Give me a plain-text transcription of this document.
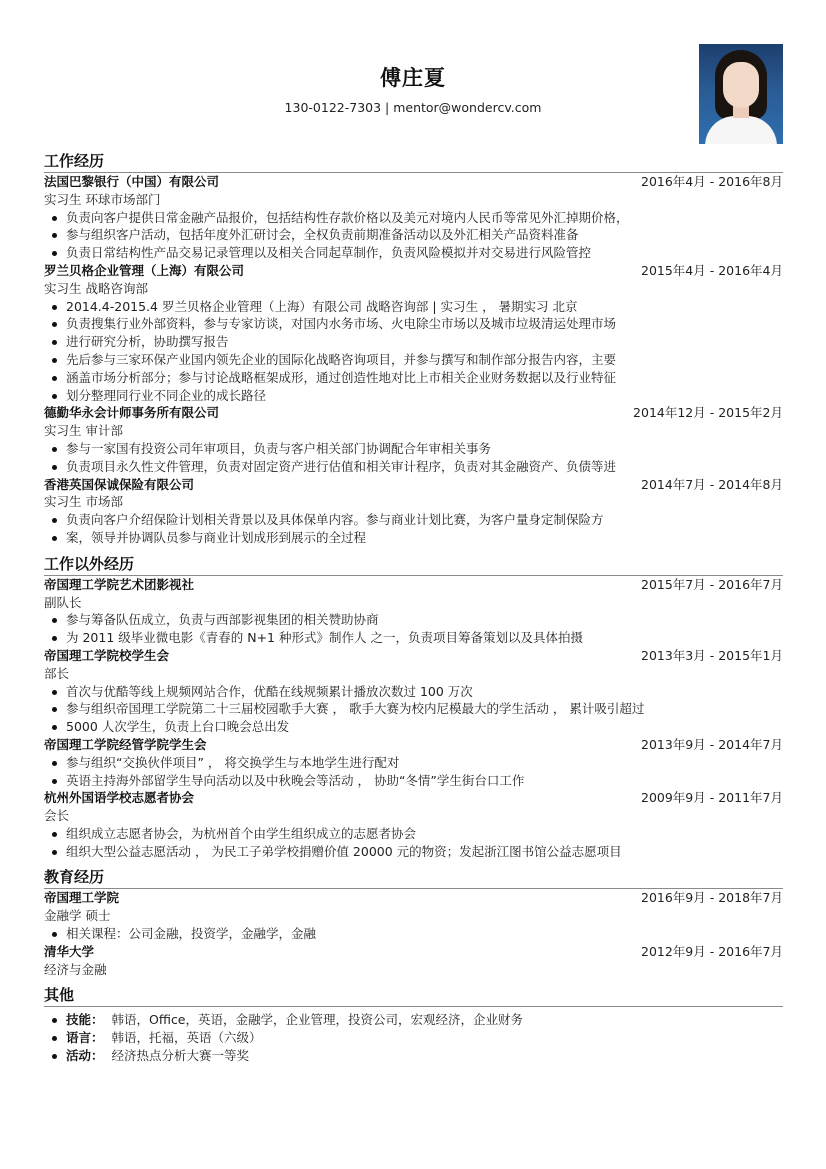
傅庄夏
130-0122-7303 | mentor@wondercv.com
工作经历
法国巴黎银行（中国）有限公司	2016年4月 - 2016年8月
实习生 环球市场部门
负责向客户提供日常金融产品报价，包括结构性存款价格以及美元对境内人民币等常见外汇掉期价格，
参与组织客户活动，包括年度外汇研讨会，全权负责前期准备活动以及外汇相关产品资料准备
负责日常结构性产品交易记录管理以及相关合同起草制作，负责风险模拟并对交易进行风险管控
罗兰贝格企业管理（上海）有限公司	2015年4月 - 2016年4月
实习生 战略咨询部
2014.4-2015.4 罗兰贝格企业管理（上海）有限公司 战略咨询部 | 实习生 ， 暑期实习 北京
负责搜集行业外部资料，参与专家访谈，对国内水务市场、火电除尘市场以及城市垃圾清运处理市场
进行研究分析，协助撰写报告
先后参与三家环保产业国内领先企业的国际化战略咨询项目，并参与撰写和制作部分报告内容，主要
涵盖市场分析部分；参与讨论战略框架成形，通过创造性地对比上市相关企业财务数据以及行业特征
划分整理同行业不同企业的成长路径
德勤华永会计师事务所有限公司	2014年12月 - 2015年2月
实习生 审计部
参与一家国有投资公司年审项目，负责与客户相关部门协调配合年审相关事务
负责项目永久性文件管理，负责对固定资产进行估值和相关审计程序，负责对其金融资产、负债等进
香港英国保诚保险有限公司	2014年7月 - 2014年8月
实习生 市场部
负责向客户介绍保险计划相关背景以及具体保单内容。参与商业计划比赛，为客户量身定制保险方
案，领导并协调队员参与商业计划成形到展示的全过程
工作以外经历
帝国理工学院艺术团影视社	2015年7月 - 2016年7月
副队长
参与筹备队伍成立，负责与西部影视集团的相关赞助协商
为 2011 级毕业微电影《青春的 N+1 种形式》制作人 之一，负责项目筹备策划以及具体拍摄
帝国理工学院校学生会	2013年3月 - 2015年1月
部长
首次与优酷等线上规频网站合作，优酷在线规频累计播放次数过 100 万次
参与组织帝国理工学院第二十三届校园歌手大赛 ， 歌手大赛为校内尼模最大的学生活动 ， 累计吸引超过
5000 人次学生，负责上台口晚会总出发
帝国理工学院经管学院学生会	2013年9月 - 2014年7月
参与组织“交换伙伴项目” ， 将交换学生与本地学生进行配对
英语主持海外部留学生导向活动以及中秋晚会等活动 ， 协助“冬情”学生街台口工作
杭州外国语学校志愿者协会	2009年9月 - 2011年7月
会长
组织成立志愿者协会，为杭州首个由学生组织成立的志愿者协会
组织大型公益志愿活动 ， 为民工子弟学校捐赠价值 20000 元的物资；发起浙江图书馆公益志愿项目
教育经历
帝国理工学院	2016年9月 - 2018年7月
金融学 硕士
相关课程：公司金融，投资学，金融学，金融
清华大学	2012年9月 - 2016年7月
经济与金融
其他
技能： 韩语，Office，英语，金融学，企业管理，投资公司，宏观经济，企业财务
语言： 韩语，托福，英语（六级）
活动： 经济热点分析大赛一等奖
